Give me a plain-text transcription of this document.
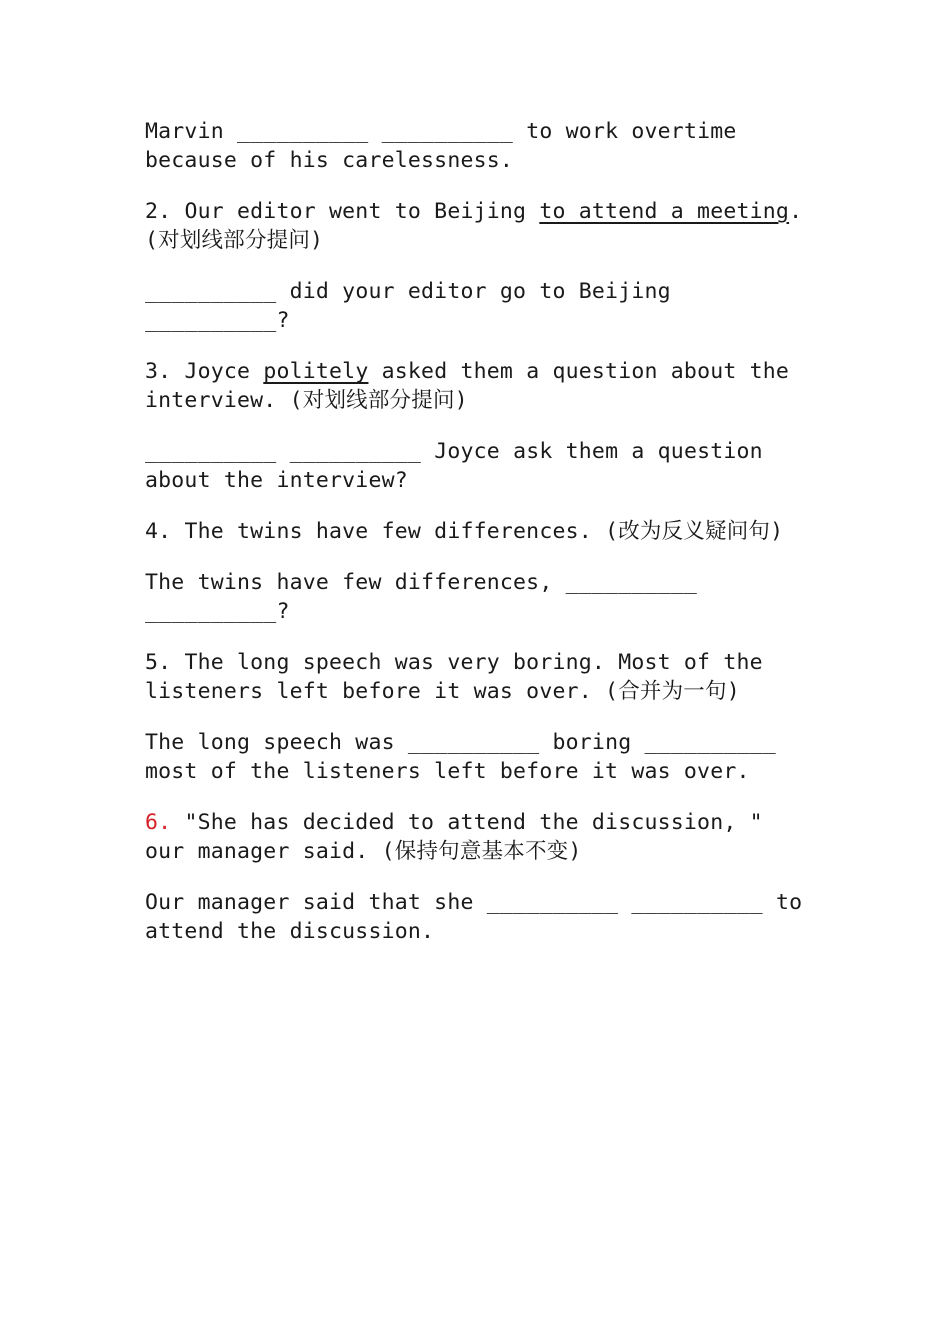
Marvin __________ __________ to work overtime because of his carelessness.

2. Our editor went to Beijing to attend a meeting.(对划线部分提问)

__________ did your editor go to Beijing __________?

3. Joyce politely asked them a question about the interview. (对划线部分提问)

__________ __________ Joyce ask them a question about the interview?

4. The twins have few differences. (改为反义疑问句)

The twins have few differences, __________ __________?

5. The long speech was very boring. Most of the listeners left before it was over. (合并为一句)

The long speech was __________ boring __________ most of the listeners left before it was over.

6. "She has decided to attend the discussion, " our manager said. (保持句意基本不变)

Our manager said that she __________ __________ to attend the discussion.
